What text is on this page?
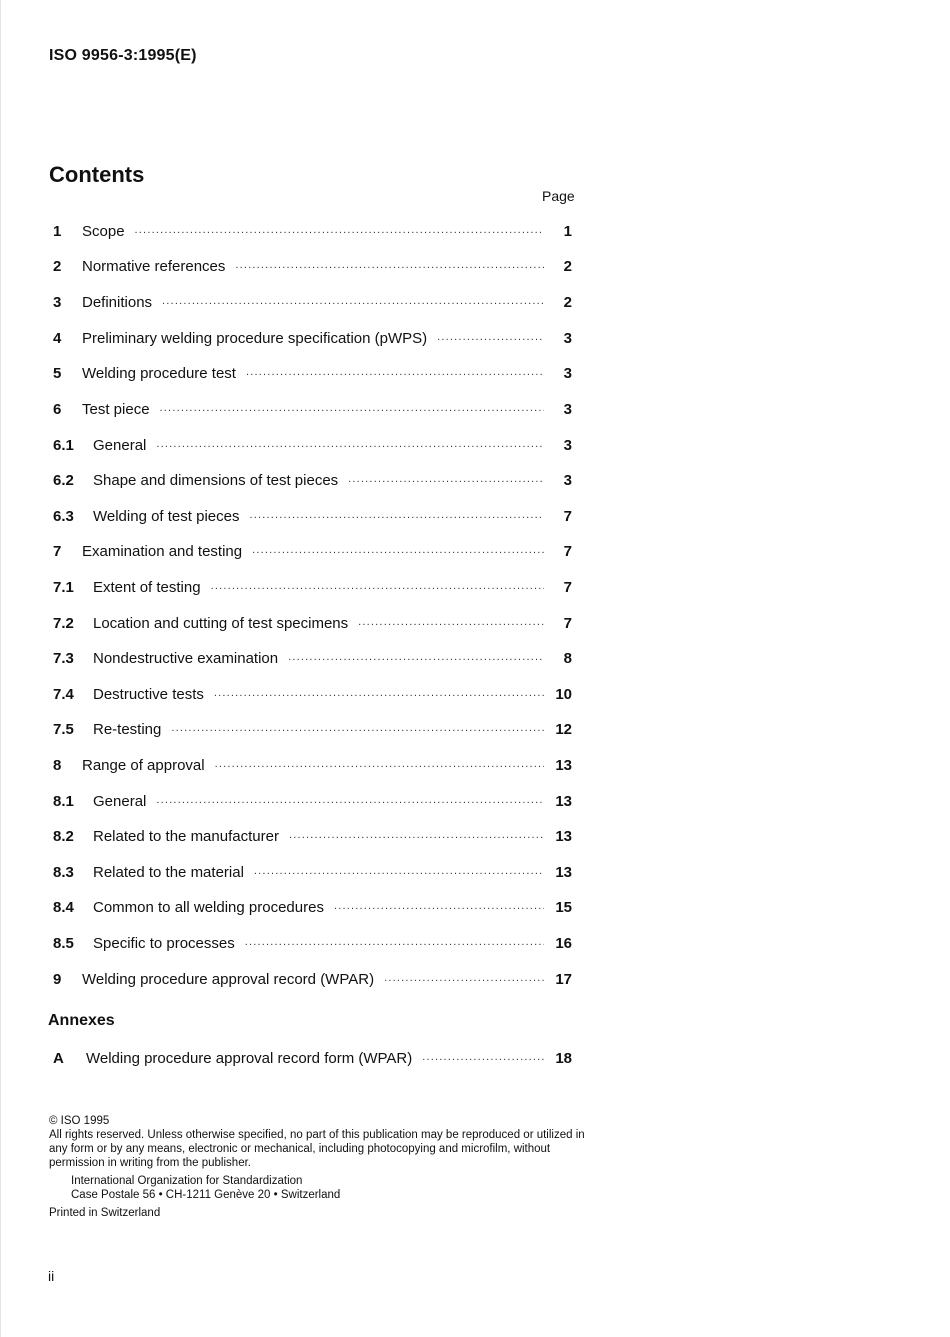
ISO 9956-3:1995(E)
Contents
Page
1	Scope .....	1
2	Normative references .....	2
3	Definitions .....	2
4	Preliminary welding procedure specification (pWPS) .....	3
5	Welding procedure test .....	3
6	Test piece .....	3
6.1	General .....	3
6.2	Shape and dimensions of test pieces .....	3
6.3	Welding of test pieces .....	7
7	Examination and testing .....	7
7.1	Extent of testing .....	7
7.2	Location and cutting of test specimens .....	7
7.3	Nondestructive examination .....	8
7.4	Destructive tests .....	10
7.5	Re-testing .....	12
8	Range of approval .....	13
8.1	General .....	13
8.2	Related to the manufacturer .....	13
8.3	Related to the material .....	13
8.4	Common to all welding procedures .....	15
8.5	Specific to processes .....	16
9	Welding procedure approval record (WPAR) .....	17
Annexes
A	Welding procedure approval record form (WPAR) .....	18

© ISO 1995

All rights reserved. Unless otherwise specified, no part of this publication may be reproduced or utilized in any form or by any means, electronic or mechanical, including photocopying and microfilm, without permission in writing from the publisher.

International Organization for Standardization

Case Postale 56 • CH-1211 Genève 20 • Switzerland

Printed in Switzerland

ii
